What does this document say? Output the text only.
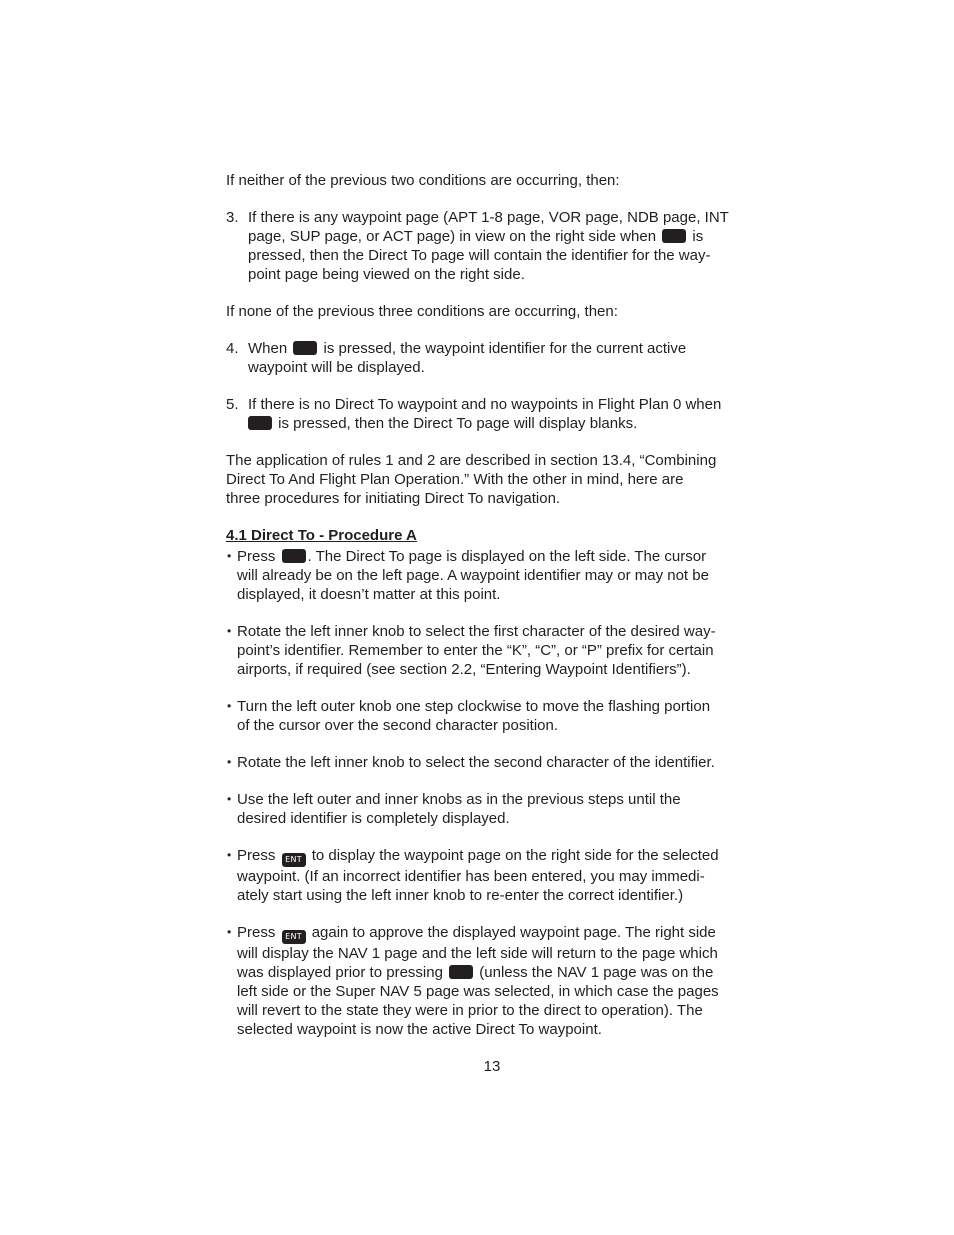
If neither of the previous two conditions are occurring, then:

3. If there is any waypoint page (APT 1-8 page, VOR page, NDB page, INT
page, SUP page, or ACT page) in view on the right side when is
pressed, then the Direct To page will contain the identifier for the way-
point page being viewed on the right side.

If none of the previous three conditions are occurring, then:

4. When is pressed, the waypoint identifier for the current active
waypoint will be displayed.
5. If there is no Direct To waypoint and no waypoints in Flight Plan 0 when
is pressed, then the Direct To page will display blanks.

The application of rules 1 and 2 are described in section 13.4, “Combining
Direct To And Flight Plan Operation.” With the other in mind, here are
three procedures for initiating Direct To navigation.

4.1 Direct To - Procedure A

• Press . The Direct To page is displayed on the left side. The cursor
will already be on the left page. A waypoint identifier may or may not be
displayed, it doesn’t matter at this point.
• Rotate the left inner knob to select the first character of the desired way-
point’s identifier. Remember to enter the “K”, “C”, or “P” prefix for certain
airports, if required (see section 2.2, “Entering Waypoint Identifiers”).
• Turn the left outer knob one step clockwise to move the flashing portion
of the cursor over the second character position.
• Rotate the left inner knob to select the second character of the identifier.
• Use the left outer and inner knobs as in the previous steps until the
desired identifier is completely displayed.
• Press ENT to display the waypoint page on the right side for the selected
waypoint. (If an incorrect identifier has been entered, you may immedi-
ately start using the left inner knob to re-enter the correct identifier.)
• Press ENT again to approve the displayed waypoint page. The right side
will display the NAV 1 page and the left side will return to the page which
was displayed prior to pressing (unless the NAV 1 page was on the
left side or the Super NAV 5 page was selected, in which case the pages
will revert to the state they were in prior to the direct to operation). The
selected waypoint is now the active Direct To waypoint.
13
